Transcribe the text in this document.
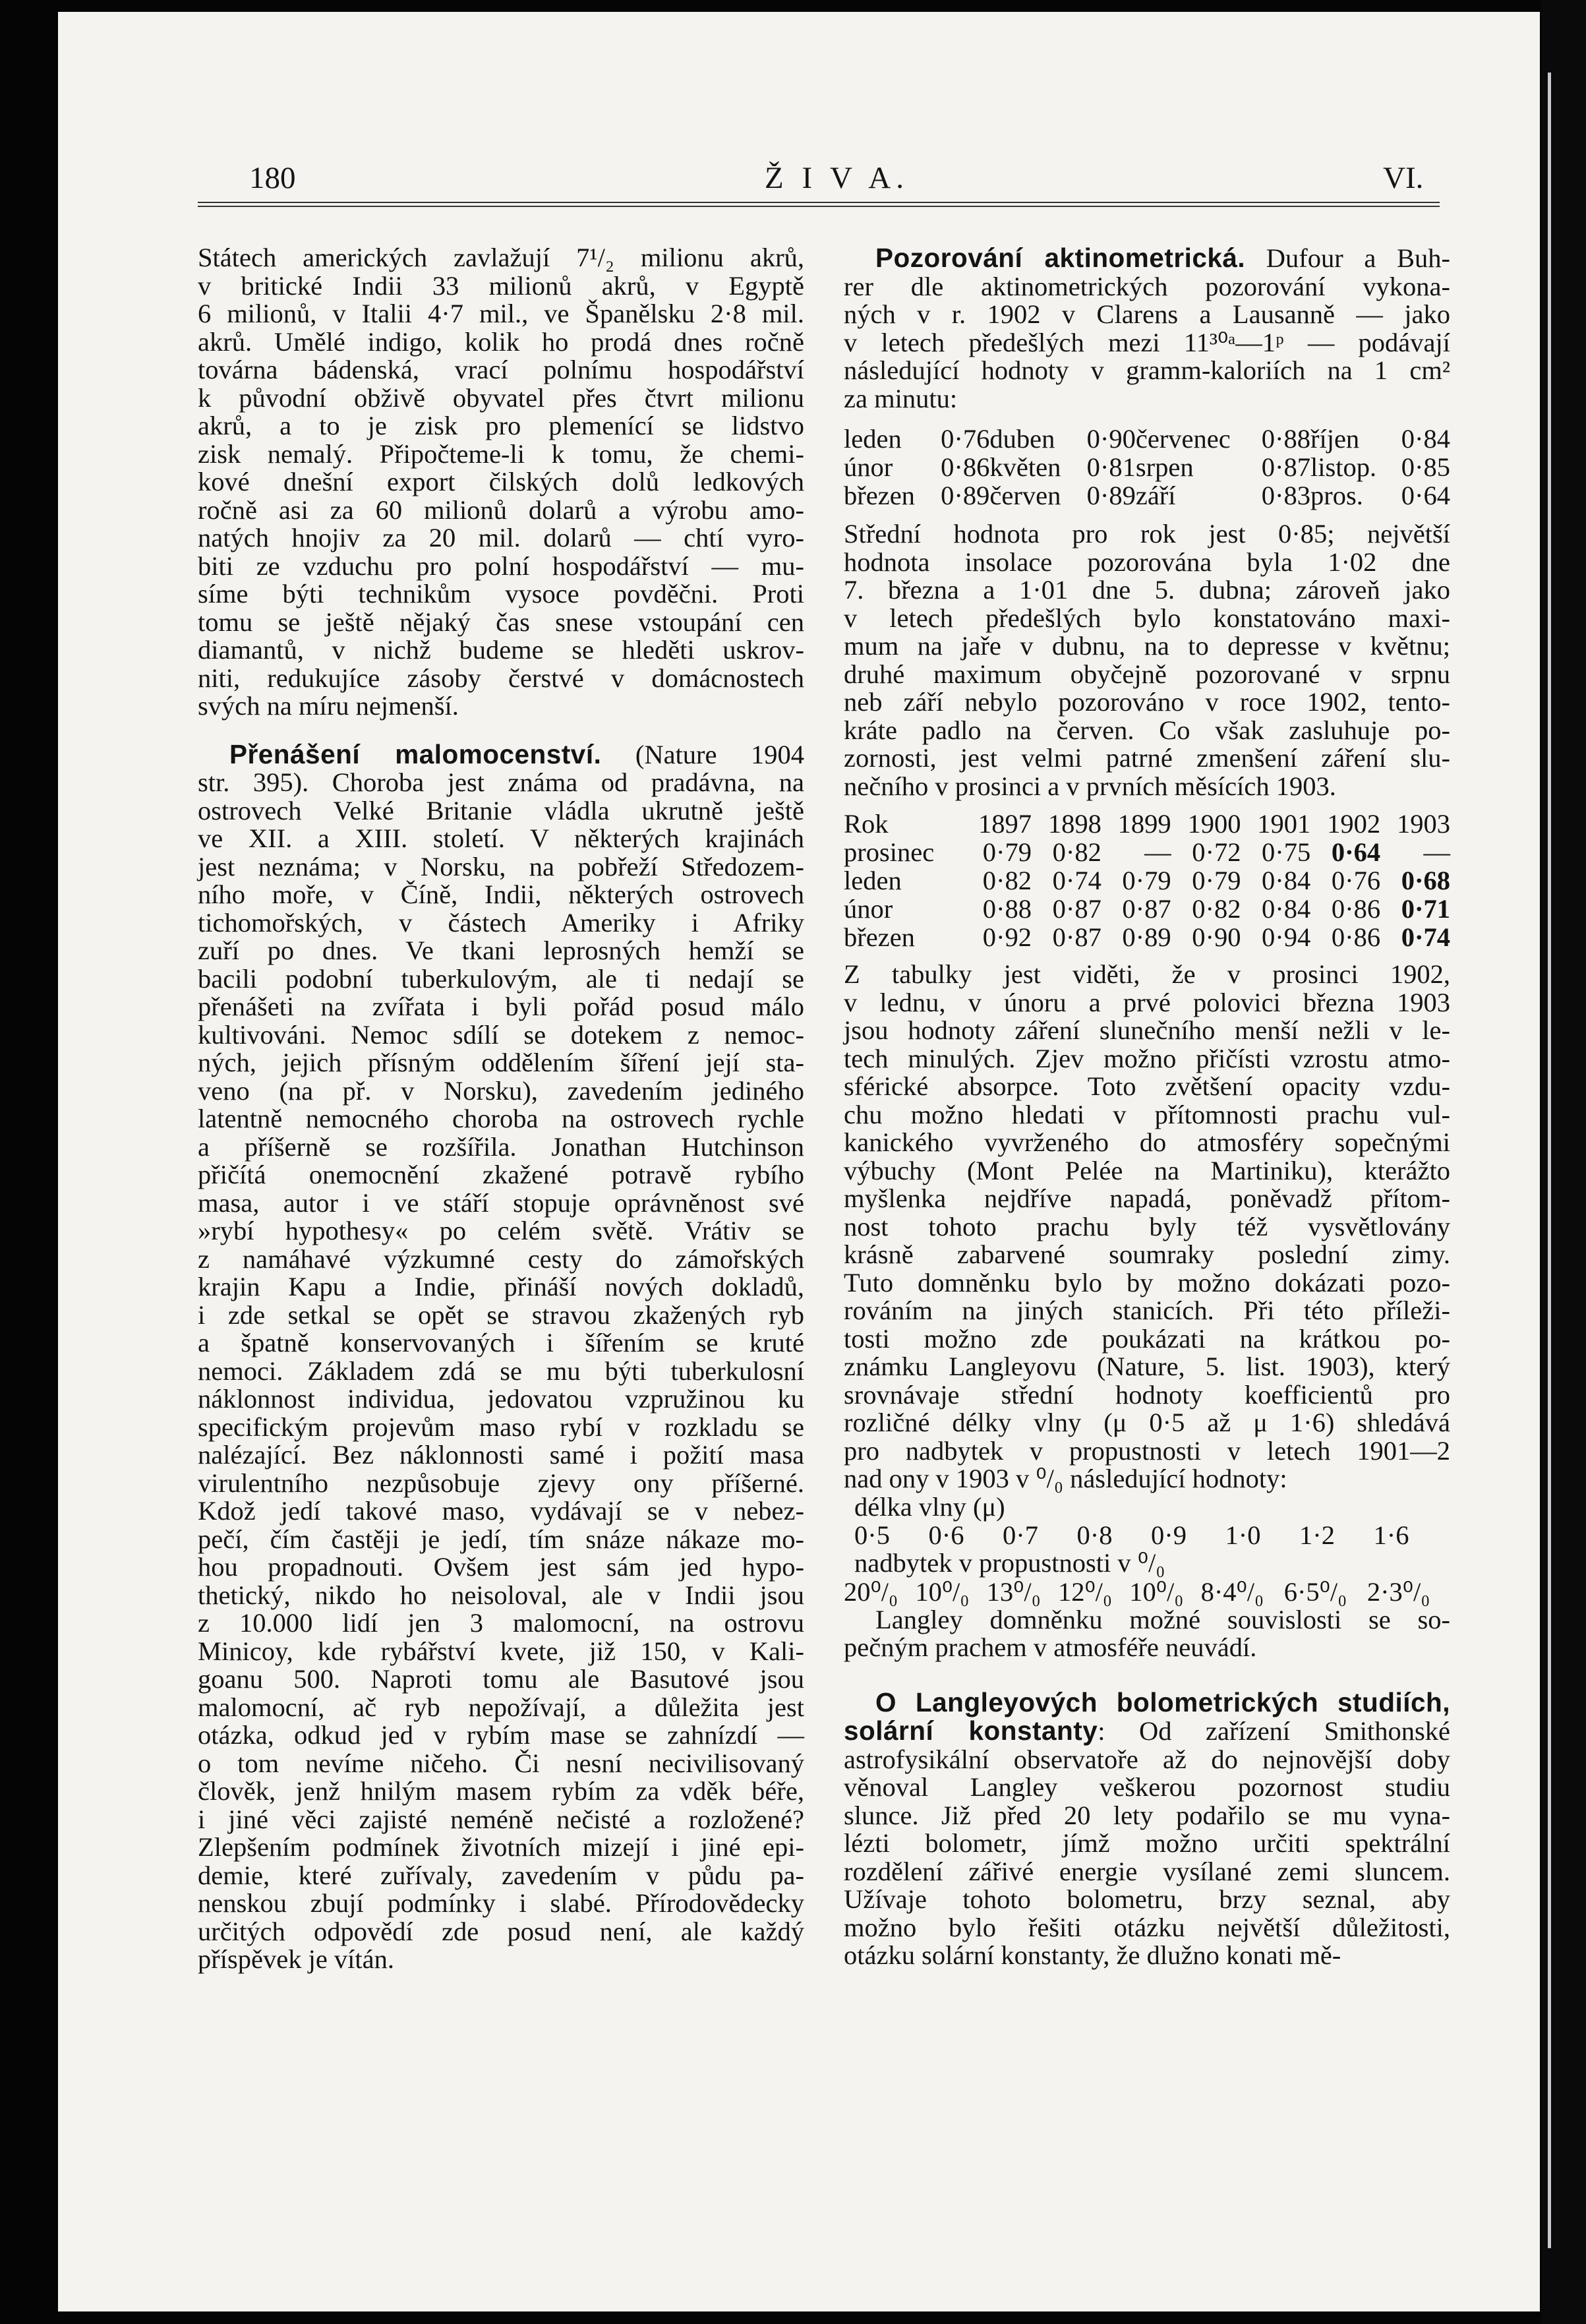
180	Ž I V A.	VI.
Státech amerických zavlažují 7¹/₂ milionu akrů,
v britické Indii 33 milionů akrů, v Egyptě
6 milionů, v Italii 4·7 mil., ve Španělsku 2·8 mil.
akrů. Umělé indigo, kolik ho prodá dnes ročně
továrna bádenská, vrací polnímu hospodářství
k původní obživě obyvatel přes čtvrt milionu
akrů, a to je zisk pro plemenící se lidstvo
zisk nemalý. Připočteme-li k tomu, že chemi-
kové dnešní export čilských dolů ledkových
ročně asi za 60 milionů dolarů a výrobu amo-
natých hnojiv za 20 mil. dolarů — chtí vyro-
biti ze vzduchu pro polní hospodářství — mu-
síme býti technikům vysoce povděčni. Proti
tomu se ještě nějaký čas snese vstoupání cen
diamantů, v nichž budeme se hleděti uskrov-
niti, redukujíce zásoby čerstvé v domácnostech
svých na míru nejmenší.
Přenášení malomocenství. (Nature 1904
str. 395). Choroba jest známa od pradávna, na
ostrovech Velké Britanie vládla ukrutně ještě
ve XII. a XIII. století. V některých krajinách
jest neznáma; v Norsku, na pobřeží Středozem-
ního moře, v Číně, Indii, některých ostrovech
tichomořských, v částech Ameriky i Afriky
zuří po dnes. Ve tkani leprosných hemží se
bacili podobní tuberkulovým, ale ti nedají se
přenášeti na zvířata i byli pořád posud málo
kultivováni. Nemoc sdílí se dotekem z nemoc-
ných, jejich přísným oddělením šíření její sta-
veno (na př. v Norsku), zavedením jediného
latentně nemocného choroba na ostrovech rychle
a příšerně se rozšířila. Jonathan Hutchinson
přičítá onemocnění zkažené potravě rybího
masa, autor i ve stáří stopuje oprávněnost své
»rybí hypothesy« po celém světě. Vrátiv se
z namáhavé výzkumné cesty do zámořských
krajin Kapu a Indie, přináší nových dokladů,
i zde setkal se opět se stravou zkažených ryb
a špatně konservovaných i šířením se kruté
nemoci. Základem zdá se mu býti tuberkulosní
náklonnost individua, jedovatou vzpružinou ku
specifickým projevům maso rybí v rozkladu se
nalézající. Bez náklonnosti samé i požití masa
virulentního nezpůsobuje zjevy ony příšerné.
Kdož jedí takové maso, vydávají se v nebez-
pečí, čím častěji je jedí, tím snáze nákaze mo-
hou propadnouti. Ovšem jest sám jed hypo-
thetický, nikdo ho neisoloval, ale v Indii jsou
z 10.000 lidí jen 3 malomocní, na ostrovu
Minicoy, kde rybářství kvete, již 150, v Kali-
goanu 500. Naproti tomu ale Basutové jsou
malomocní, ač ryb nepožívají, a důležita jest
otázka, odkud jed v rybím mase se zahnízdí —
o tom nevíme ničeho. Či nesní necivilisovaný
člověk, jenž hnilým masem rybím za vděk béře,
i jiné věci zajisté neméně nečisté a rozložené?
Zlepšením podmínek životních mizejí i jiné epi-
demie, které zuřívaly, zavedením v půdu pa-
nenskou zbují podmínky i slabé. Přírodovědecky
určitých odpovědí zde posud není, ale každý
příspěvek je vítán.
Pozorování aktinometrická. Dufour a Buh-
rer dle aktinometrických pozorování vykona-
ných v r. 1902 v Clarens a Lausanně — jako
v letech předešlých mezi 11³⁰ᵃ—1ᵖ — podávají
následující hodnoty v gramm-kaloriích na 1 cm²
za minutu:
leden	0·76	duben	0·90	červenec	0·88	říjen	0·84
únor	0·86	květen	0·81	srpen	0·87	listop.	0·85
březen	0·89	červen	0·89	září	0·83	pros.	0·64
Střední hodnota pro rok jest 0·85; největší
hodnota insolace pozorována byla 1·02 dne
7. března a 1·01 dne 5. dubna; zároveň jako
v letech předešlých bylo konstatováno maxi-
mum na jaře v dubnu, na to depresse v květnu;
druhé maximum obyčejně pozorované v srpnu
neb září nebylo pozorováno v roce 1902, tento-
kráte padlo na červen. Co však zasluhuje po-
zornosti, jest velmi patrné zmenšení záření slu-
nečního v prosinci a v prvních měsících 1903.
Rok	1897	1898	1899	1900	1901	1902	1903
prosinec	0·79	0·82	—	0·72	0·75	0·64	—
leden	0·82	0·74	0·79	0·79	0·84	0·76	0·68
únor	0·88	0·87	0·87	0·82	0·84	0·86	0·71
březen	0·92	0·87	0·89	0·90	0·94	0·86	0·74
Z tabulky jest viděti, že v prosinci 1902,
v lednu, v únoru a prvé polovici března 1903
jsou hodnoty záření slunečního menší nežli v le-
tech minulých. Zjev možno přičísti vzrostu atmo-
sférické absorpce. Toto zvětšení opacity vzdu-
chu možno hledati v přítomnosti prachu vul-
kanického vyvrženého do atmosféry sopečnými
výbuchy (Mont Pelée na Martiniku), kterážto
myšlenka nejdříve napadá, poněvadž přítom-
nost tohoto prachu byly též vysvětlovány
krásně zabarvené soumraky poslední zimy.
Tuto domněnku bylo by možno dokázati pozo-
rováním na jiných stanicích. Při této příleži-
tosti možno zde poukázati na krátkou po-
známku Langleyovu (Nature, 5. list. 1903), který
srovnávaje střední hodnoty koefficientů pro
rozličné délky vlny (μ 0·5 až μ 1·6) shledává
pro nadbytek v propustnosti v letech 1901—2
nad ony v 1903 v ⁰/₀ následující hodnoty:
délka vlny (μ)
0·5	0·6	0·7	0·8	0·9	1·0	1·2	1·6
nadbytek v propustnosti v ⁰/₀
20⁰/₀	10⁰/₀	13⁰/₀	12⁰/₀	10⁰/₀	8·4⁰/₀	6·5⁰/₀	2·3⁰/₀
Langley domněnku možné souvislosti se so-
pečným prachem v atmosféře neuvádí.
O Langleyových bolometrických studiích,
solární konstanty: Od zařízení Smithonské
astrofysikální observatoře až do nejnovější doby
věnoval Langley veškerou pozornost studiu
slunce. Již před 20 lety podařilo se mu vyna-
lézti bolometr, jímž možno určiti spektrální
rozdělení zářivé energie vysílané zemi sluncem.
Užívaje tohoto bolometru, brzy seznal, aby
možno bylo řešiti otázku největší důležitosti,
otázku solární konstanty, že dlužno konati mě-
